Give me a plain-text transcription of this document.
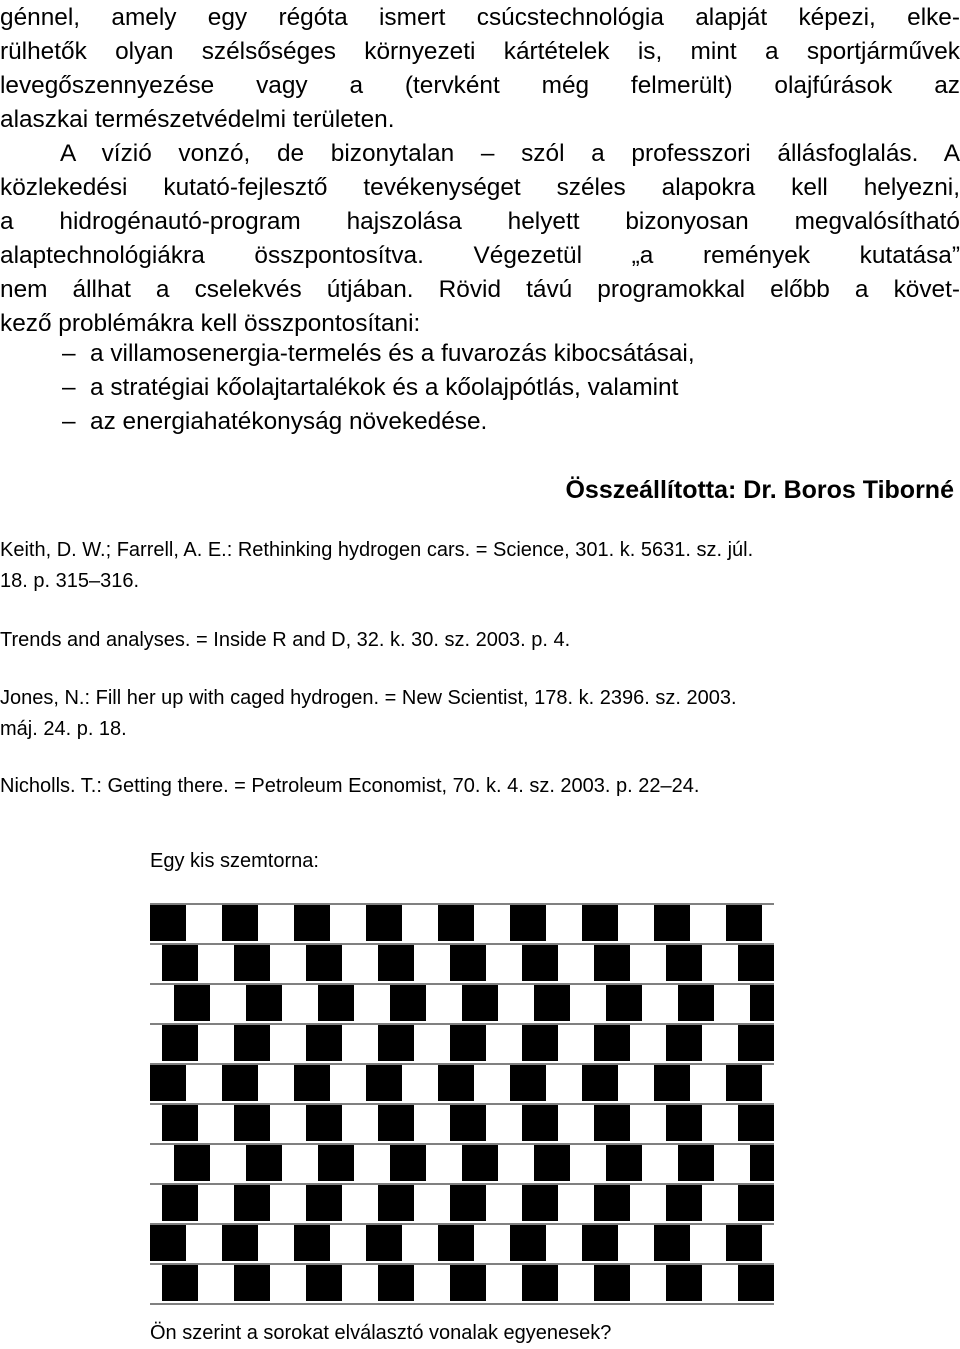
génnel, amely egy régóta ismert csúcstechnológia alapját képezi, elke-
rülhetők olyan szélsőséges környezeti kártételek is, mint a sportjárművek
levegőszennyezése vagy a (tervként még felmerült) olajfúrások az
alaszkai természetvédelmi területen.
A vízió vonzó, de bizonytalan – szól a professzori állásfoglalás. A
közlekedési kutató-fejlesztő tevékenységet széles alapokra kell helyezni,
a hidrogénautó-program hajszolása helyett bizonyosan megvalósítható
alaptechnológiákra összpontosítva. Végezetül „a remények kutatása”
nem állhat a cselekvés útjában. Rövid távú programokkal előbb a követ-
kező problémákra kell összpontosítani:
– a villamosenergia-termelés és a fuvarozás kibocsátásai,
– a stratégiai kőolajtartalékok és a kőolajpótlás, valamint
– az energiahatékonyság növekedése.
Összeállította: Dr. Boros Tiborné
Keith, D. W.; Farrell, A. E.: Rethinking hydrogen cars. = Science, 301. k. 5631. sz. júl.
18. p. 315–316.
Trends and analyses. = Inside R and D, 32. k. 30. sz. 2003. p. 4.
Jones, N.: Fill her up with caged hydrogen. = New Scientist, 178. k. 2396. sz. 2003.
máj. 24. p. 18.
Nicholls. T.: Getting there. = Petroleum Economist, 70. k. 4. sz. 2003. p. 22–24.
Egy kis szemtorna:
Ön szerint a sorokat elválasztó vonalak egyenesek?
